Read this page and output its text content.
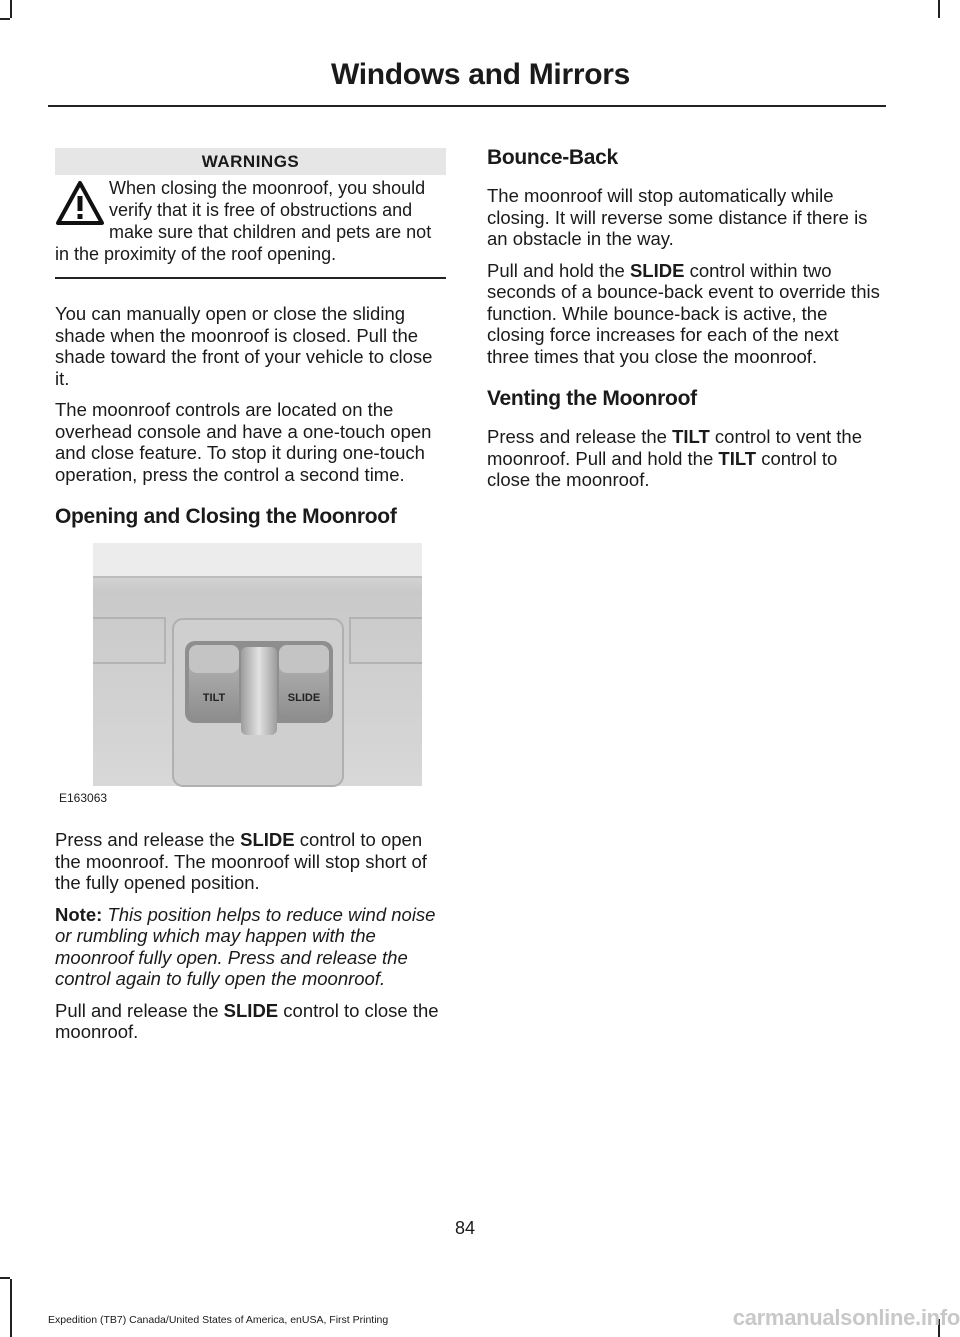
Windows and Mirrors
WARNINGS
When closing the moonroof, you should verify that it is free of obstructions and make sure that children and pets are not in the proximity of the roof opening.

You can manually open or close the sliding shade when the moonroof is closed. Pull the shade toward the front of your vehicle to close it.

The moonroof controls are located on the overhead console and have a one-touch open and close feature. To stop it during one-touch operation, press the control a second time.

Opening and Closing the Moonroof
TILT	SLIDE
E163063

Press and release the SLIDE control to open the moonroof. The moonroof will stop short of the fully opened position.

Note: This position helps to reduce wind noise or rumbling which may happen with the moonroof fully open. Press and release the control again to fully open the moonroof.

Pull and release the SLIDE control to close the moonroof.

Bounce-Back

The moonroof will stop automatically while closing. It will reverse some distance if there is an obstacle in the way.

Pull and hold the SLIDE control within two seconds of a bounce-back event to override this function. While bounce-back is active, the closing force increases for each of the next three times that you close the moonroof.

Venting the Moonroof

Press and release the TILT control to vent the moonroof. Pull and hold the TILT control to close the moonroof.

84
Expedition (TB7) Canada/United States of America, enUSA, First Printing	carmanualsonline.info
